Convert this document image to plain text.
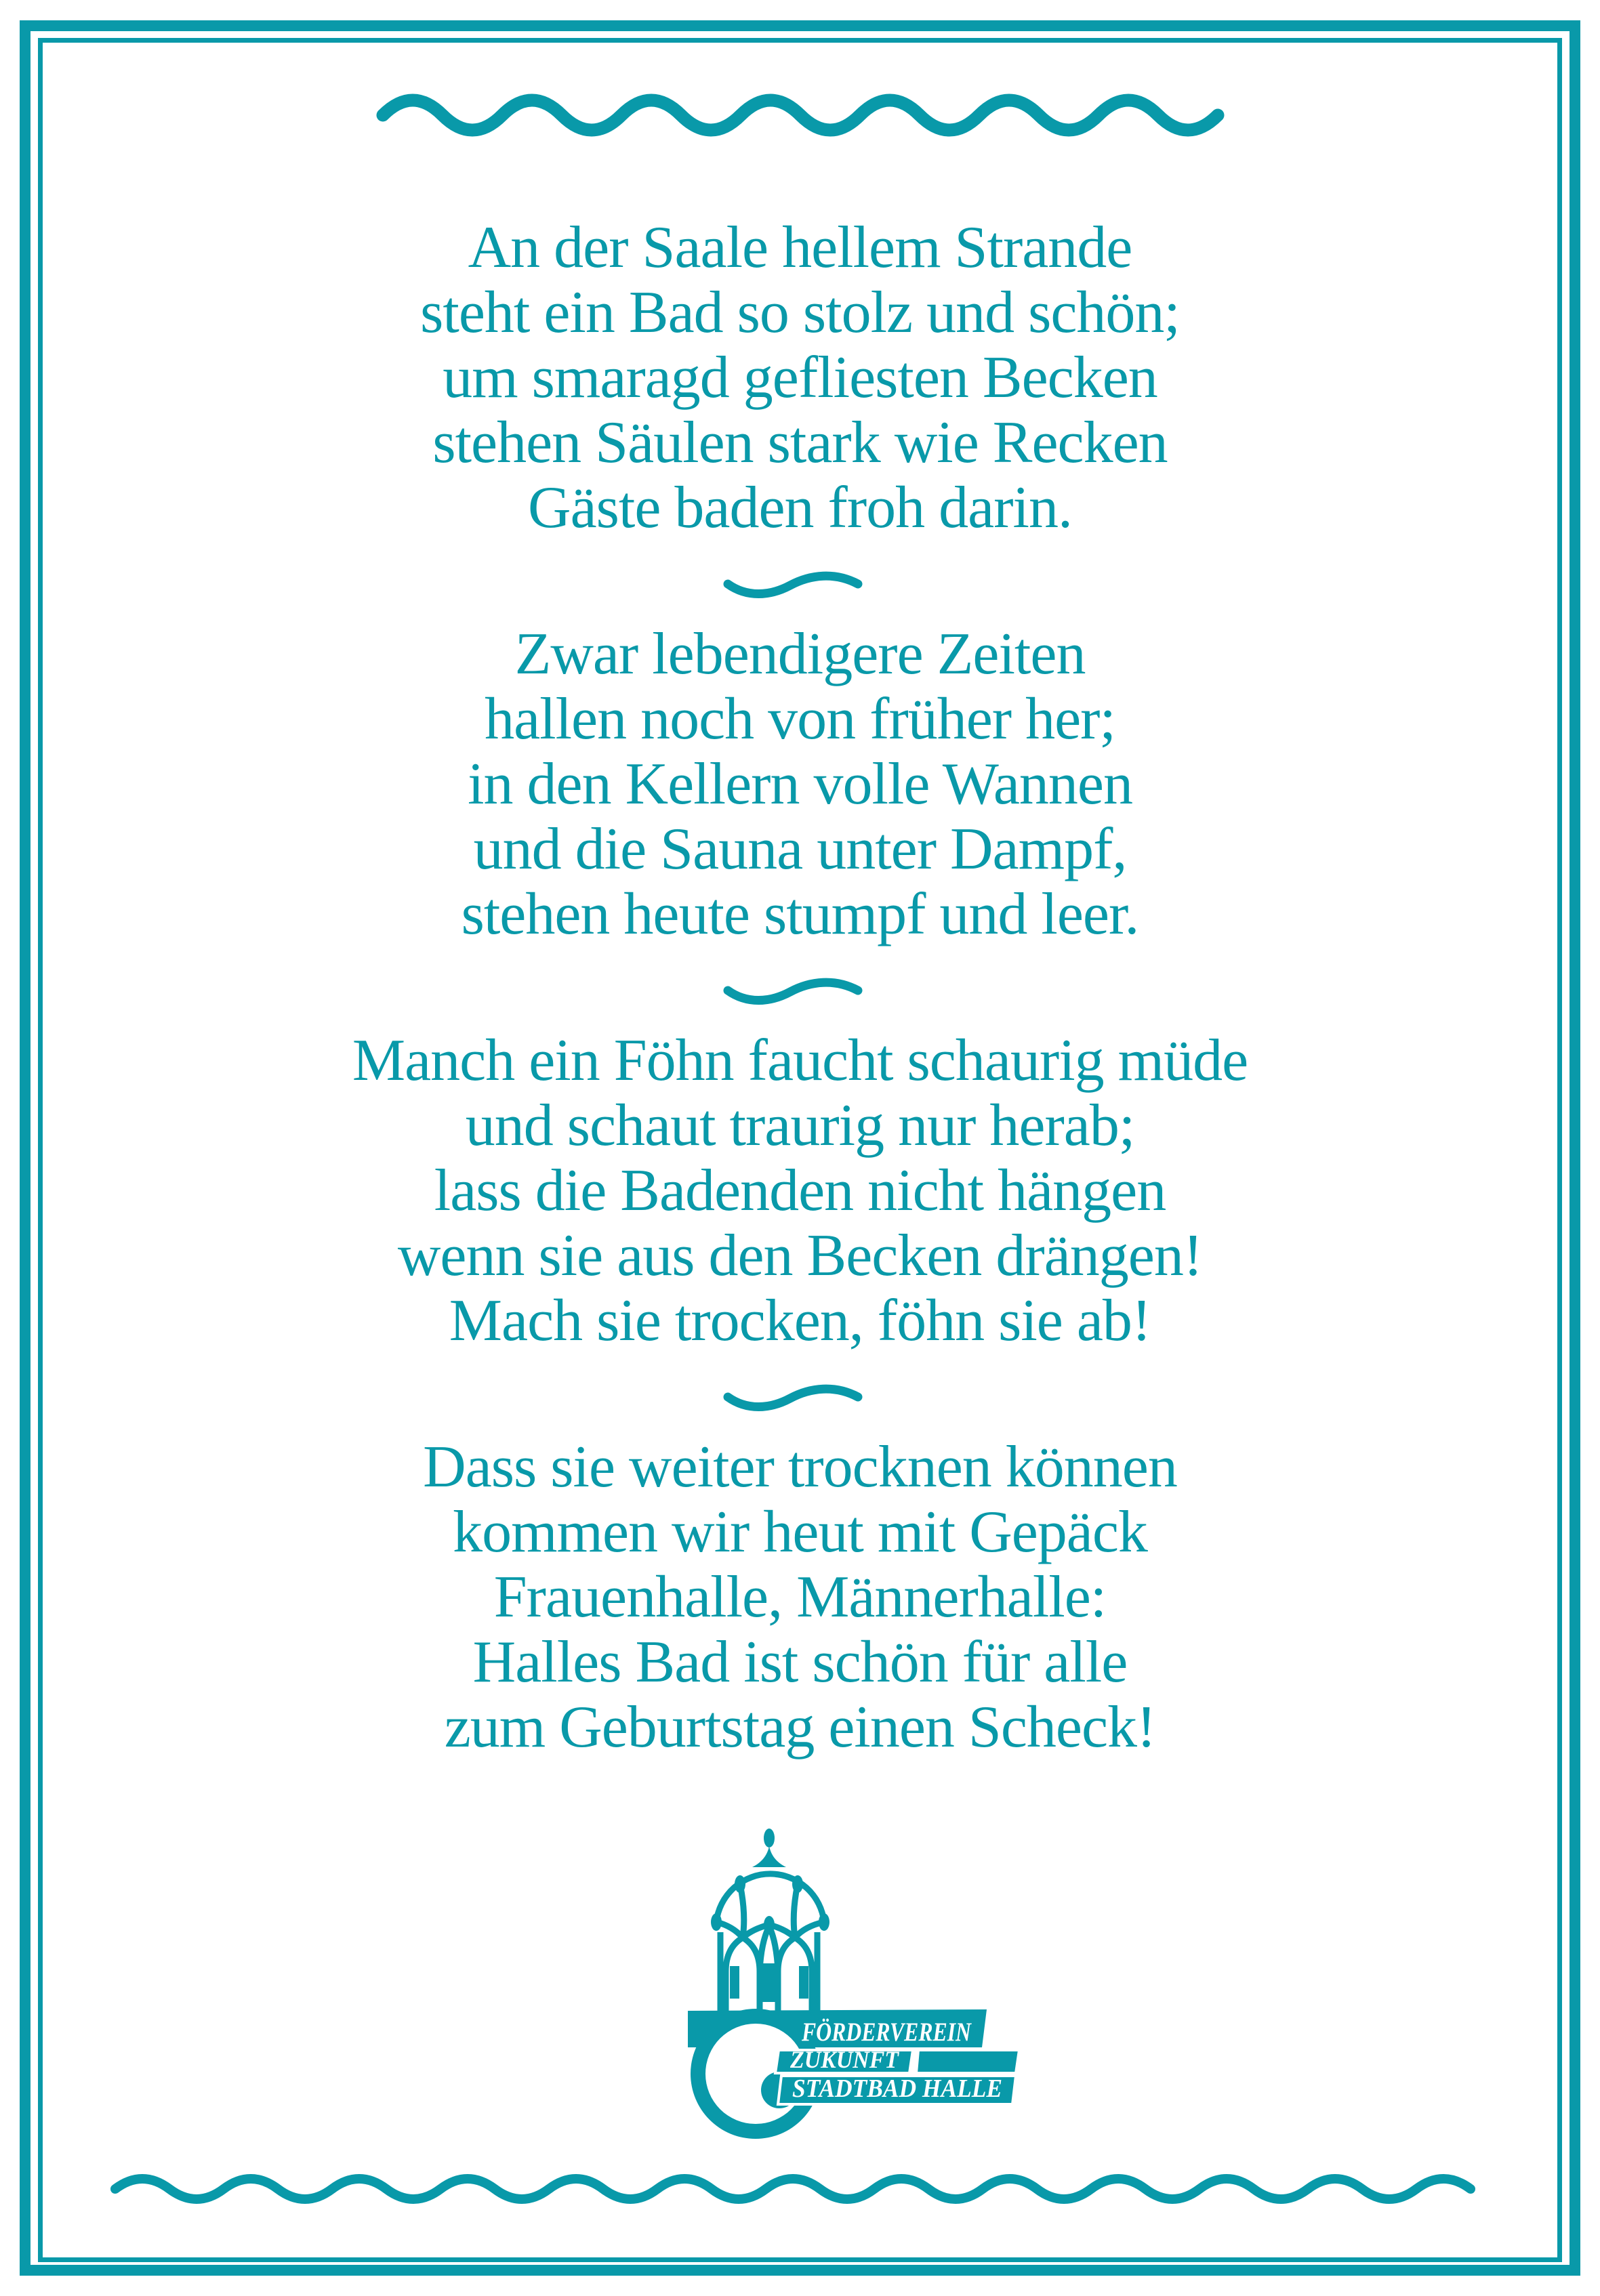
FÖRDERVEREIN
ZUKUNFT
STADTBAD HALLE
An der Saale hellem Strande
steht ein Bad so stolz und schön;
um smaragd gefliesten Becken
stehen Säulen stark wie Recken
Gäste baden froh darin.
Zwar lebendigere Zeiten
hallen noch von früher her;
in den Kellern volle Wannen
und die Sauna unter Dampf,
stehen heute stumpf und leer.
Manch ein Föhn faucht schaurig müde
und schaut traurig nur herab;
lass die Badenden nicht hängen
wenn sie aus den Becken drängen!
Mach sie trocken, föhn sie ab!
Dass sie weiter trocknen können
kommen wir heut mit Gepäck
Frauenhalle, Männerhalle:
Halles Bad ist schön für alle
zum Geburtstag einen Scheck!
